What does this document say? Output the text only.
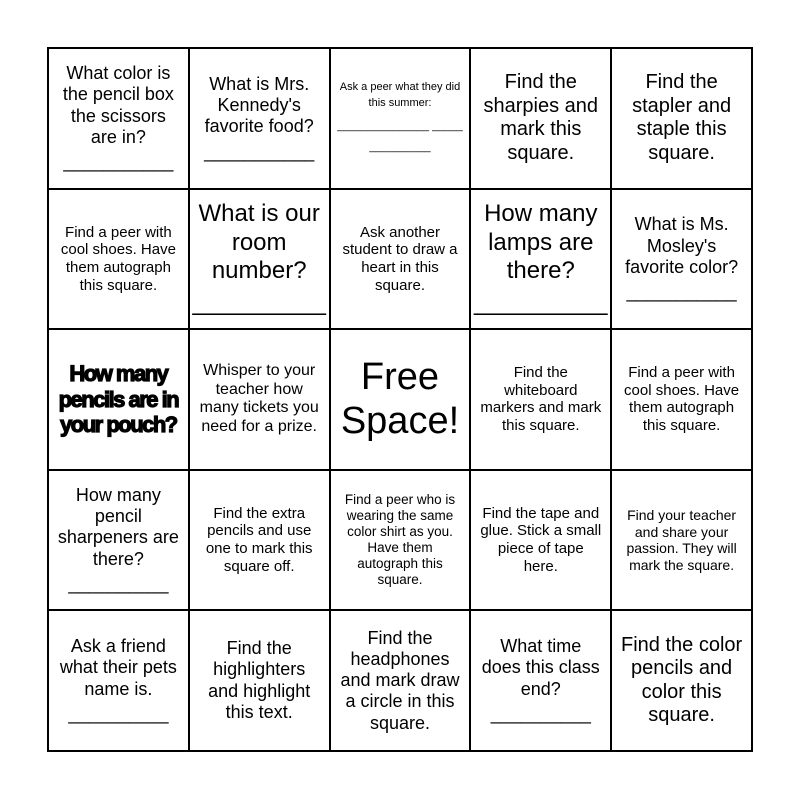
What color is the pencil box the scissors are in?
___________
What is Mrs. Kennedy's favorite food?
___________
Ask a peer what they did this summer:
_______________ _______________
Find the sharpies and mark this square.
Find the stapler and staple this square.
Find a peer with cool shoes. Have them autograph this square.
What is our room number?
__________
Ask another student to draw a heart in this square.
How many lamps are there?
__________
What is Ms. Mosley's favorite color?
___________
How many pencils are in your pouch?
Whisper to your teacher how many tickets you need for a prize.
Free Space!
Find the whiteboard markers and mark this square.
Find a peer with cool shoes. Have them autograph this square.
How many pencil sharpeners are there?
__________
Find the extra pencils and use one to mark this square off.
Find a peer who is wearing the same color shirt as you. Have them autograph this square.
Find the tape and glue. Stick a small piece of tape here.
Find your teacher and share your passion. They will mark the square.
Ask a friend what their pets name is.
__________
Find the highlighters and highlight this text.
Find the headphones and mark draw a circle in this square.
What time does this class end?
__________
Find the color pencils and color this square.
